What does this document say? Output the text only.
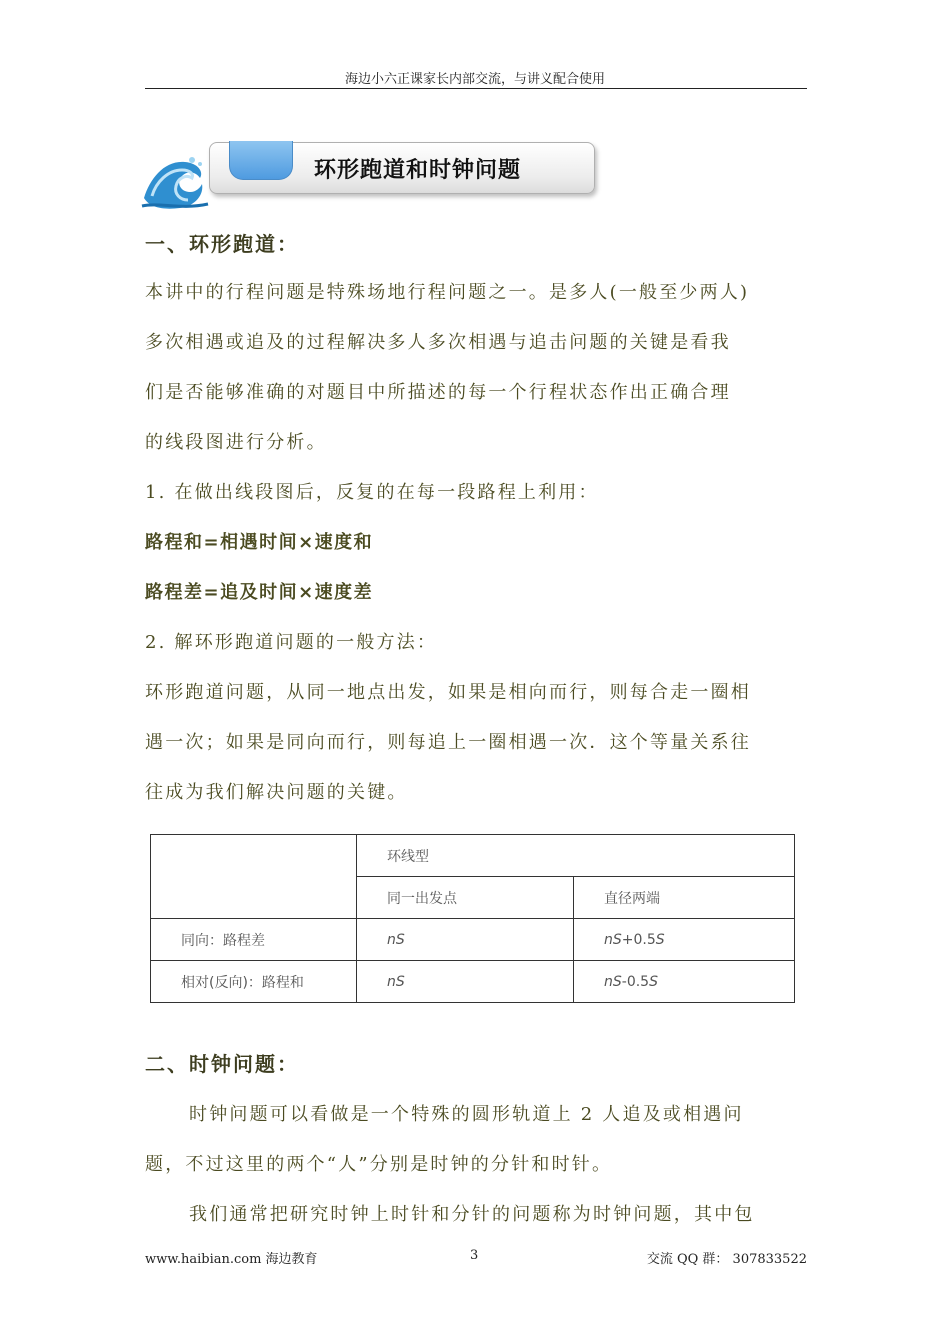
海边小六正课家长内部交流，与讲义配合使用
环形跑道和时钟问题
一、环形跑道：
本讲中的行程问题是特殊场地行程问题之一。是多人(一般至少两人)
多次相遇或追及的过程解决多人多次相遇与追击问题的关键是看我
们是否能够准确的对题目中所描述的每一个行程状态作出正确合理
的线段图进行分析。
1. 在做出线段图后，反复的在每一段路程上利用：
路程和=相遇时间×速度和
路程差=追及时间×速度差
2. 解环形跑道问题的一般方法：
环形跑道问题，从同一地点出发，如果是相向而行，则每合走一圈相
遇一次；如果是同向而行，则每追上一圈相遇一次．这个等量关系往
往成为我们解决问题的关键。
	环线型	
	同一出发点	直径两端
同向：路程差	nS	nS+0.5S
相对(反向)：路程和	nS	nS-0.5S
二、时钟问题：
时钟问题可以看做是一个特殊的圆形轨道上 2 人追及或相遇问
题，不过这里的两个“人”分别是时钟的分针和时针。
我们通常把研究时钟上时针和分针的问题称为时钟问题，其中包
www.haibian.com 海边教育	3	交流 QQ 群： 307833522
